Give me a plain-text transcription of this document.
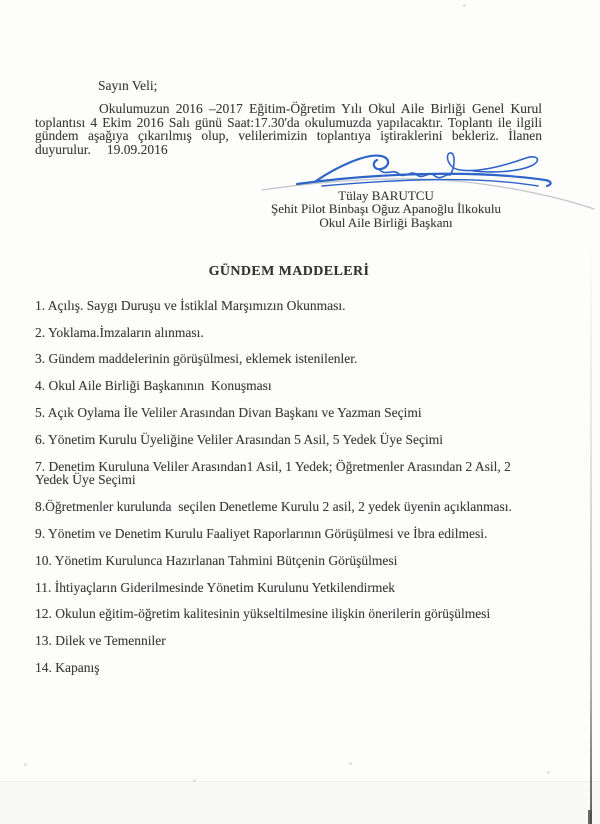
Sayın Veli;
Okulumuzun 2016 –2017 Eğitim-Öğretim Yılı Okul Aile Birliği Genel Kurul toplantısı 4 Ekim 2016 Salı günü Saat:17.30'da okulumuzda yapılacaktır. Toplantı ile ilgili gündem aşağıya çıkarılmış olup, velilerimizin toplantıya iştiraklerini bekleriz. İlanen duyurulur. 19.09.2016
Tülay BARUTCU
Şehit Pilot Binbaşı Oğuz Apanoğlu İlkokulu
Okul Aile Birliği Başkanı
GÜNDEM MADDELERİ
1. Açılış. Saygı Duruşu ve İstiklal Marşımızın Okunması.
2. Yoklama.İmzaların alınması.
3. Gündem maddelerinin görüşülmesi, eklemek istenilenler.
4. Okul Aile Birliği Başkanının  Konuşması
5. Açık Oylama İle Veliler Arasından Divan Başkanı ve Yazman Seçimi
6. Yönetim Kurulu Üyeliğine Veliler Arasından 5 Asil, 5 Yedek Üye Seçimi
7. Denetim Kuruluna Veliler Arasından1 Asil, 1 Yedek; Öğretmenler Arasından 2 Asil, 2 Yedek Üye Seçimi
8.Öğretmenler kurulunda  seçilen Denetleme Kurulu 2 asil, 2 yedek üyenin açıklanması.
9. Yönetim ve Denetim Kurulu Faaliyet Raporlarının Görüşülmesi ve İbra edilmesi.
10. Yönetim Kurulunca Hazırlanan Tahmini Bütçenin Görüşülmesi
11. İhtiyaçların Giderilmesinde Yönetim Kurulunu Yetkilendirmek
12. Okulun eğitim-öğretim kalitesinin yükseltilmesine ilişkin önerilerin görüşülmesi
13. Dilek ve Temenniler
14. Kapanış
